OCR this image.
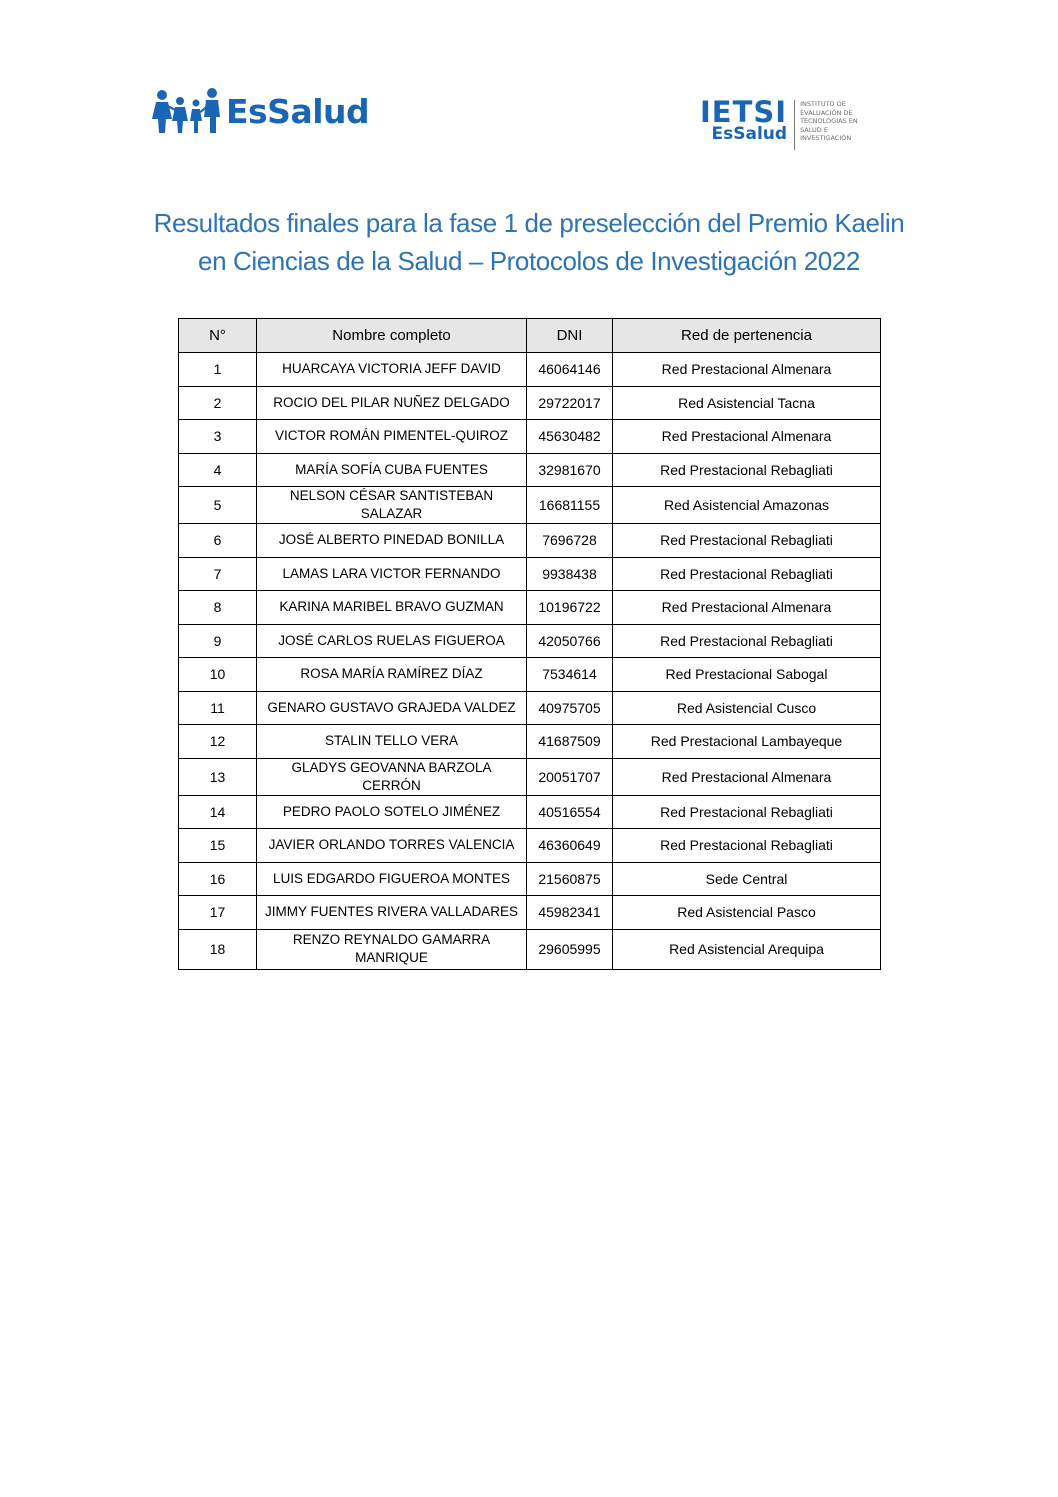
EsSalud	IETSI
EsSalud
INSTITUTO DE
EVALUACIÓN DE
TECNOLOGÍAS EN
SALUD E
INVESTIGACIÓN
Resultados finales para la fase 1 de preselección del Premio Kaelin
en Ciencias de la Salud – Protocolos de Investigación 2022
N°	Nombre completo	DNI	Red de pertenencia
1	HUARCAYA VICTORIA JEFF DAVID	46064146	Red Prestacional Almenara
2	ROCIO DEL PILAR NUÑEZ DELGADO	29722017	Red Asistencial Tacna
3	VICTOR ROMÁN PIMENTEL-QUIROZ	45630482	Red Prestacional Almenara
4	MARÍA SOFÍA CUBA FUENTES	32981670	Red Prestacional Rebagliati
5	NELSON CÉSAR SANTISTEBAN SALAZAR	16681155	Red Asistencial Amazonas
6	JOSÉ ALBERTO PINEDAD BONILLA	7696728	Red Prestacional Rebagliati
7	LAMAS LARA VICTOR FERNANDO	9938438	Red Prestacional Rebagliati
8	KARINA MARIBEL BRAVO GUZMAN	10196722	Red Prestacional Almenara
9	JOSÉ CARLOS RUELAS FIGUEROA	42050766	Red Prestacional Rebagliati
10	ROSA MARÍA RAMÍREZ DÍAZ	7534614	Red Prestacional Sabogal
11	GENARO GUSTAVO GRAJEDA VALDEZ	40975705	Red Asistencial Cusco
12	STALIN TELLO VERA	41687509	Red Prestacional Lambayeque
13	GLADYS GEOVANNA BARZOLA CERRÓN	20051707	Red Prestacional Almenara
14	PEDRO PAOLO SOTELO JIMÉNEZ	40516554	Red Prestacional Rebagliati
15	JAVIER ORLANDO TORRES VALENCIA	46360649	Red Prestacional Rebagliati
16	LUIS EDGARDO FIGUEROA MONTES	21560875	Sede Central
17	JIMMY FUENTES RIVERA VALLADARES	45982341	Red Asistencial Pasco
18	RENZO REYNALDO GAMARRA MANRIQUE	29605995	Red Asistencial Arequipa
